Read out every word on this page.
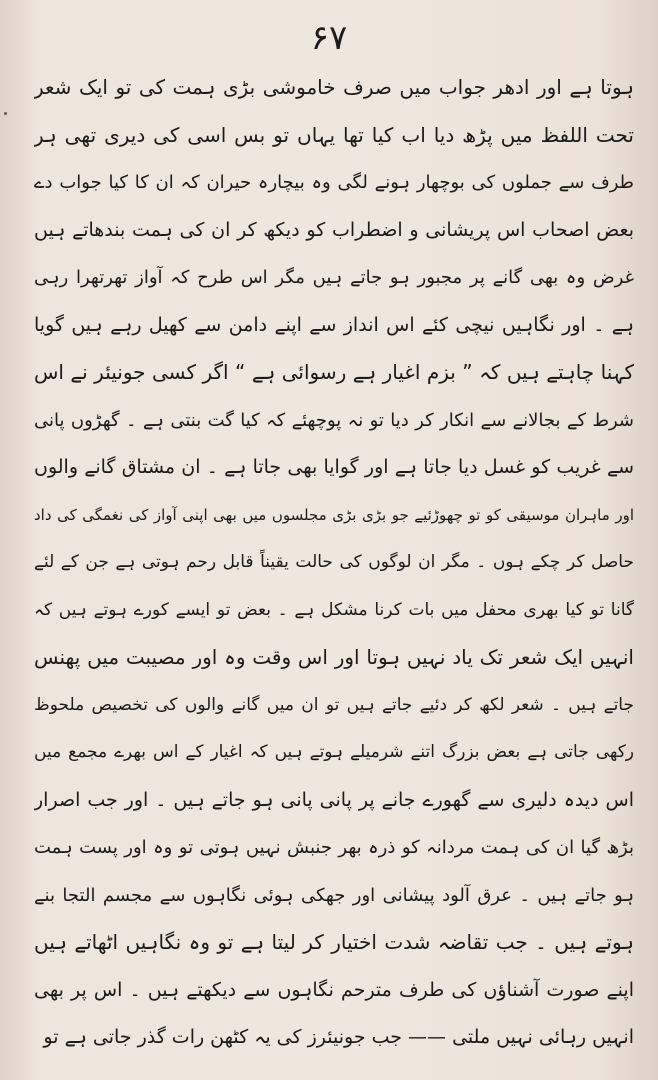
۶۷
ہوتا ہے اور ادھر جواب میں صرف خاموشی بڑی ہمت کی تو ایک شعر
تحت اللفظ میں پڑھ دیا اب کیا تھا یہاں تو بس اسی کی دیری تھی ہر
طرف سے جملوں کی بوچھار ہونے لگی وہ بیچارہ حیران کہ ان کا کیا جواب دے
بعض اصحاب اس پریشانی و اضطراب کو دیکھ کر ان کی ہمت بندھاتے ہیں
غرض وہ بھی گانے پر مجبور ہو جاتے ہیں مگر اس طرح کہ آواز تھرتھرا رہی
ہے ۔ اور نگاہیں نیچی کئے اس انداز سے اپنے دامن سے کھیل رہے ہیں گویا
کہنا چاہتے ہیں کہ ” بزم اغیار ہے رسوائی ہے “ اگر کسی جونیئر نے اس
شرط کے بجالانے سے انکار کر دیا تو نہ پوچھئے کہ کیا گت بنتی ہے ۔ گھڑوں پانی
سے غریب کو غسل دیا جاتا ہے اور گوایا بھی جاتا ہے ۔ ان مشتاق گانے والوں
اور ماہران موسیقی کو تو چھوڑئیے جو بڑی بڑی مجلسوں میں بھی اپنی آواز کی نغمگی کی داد
حاصل کر چکے ہوں ۔ مگر ان لوگوں کی حالت یقیناً قابل رحم ہوتی ہے جن کے لئے
گانا تو کیا بھری محفل میں بات کرنا مشکل ہے ۔ بعض تو ایسے کورے ہوتے ہیں کہ
انہیں ایک شعر تک یاد نہیں ہوتا اور اس وقت وہ اور مصیبت میں پھنس
جاتے ہیں ۔ شعر لکھ کر دئیے جاتے ہیں تو ان میں گانے والوں کی تخصیص ملحوظ
رکھی جاتی ہے بعض بزرگ اتنے شرمیلے ہوتے ہیں کہ اغیار کے اس بھرے مجمع میں
اس دیدہ دلیری سے گھورے جانے پر پانی پانی ہو جاتے ہیں ۔ اور جب اصرار
بڑھ گیا ان کی ہمت مردانہ کو ذرہ بھر جنبش نہیں ہوتی تو وہ اور پست ہمت
ہو جاتے ہیں ۔ عرق آلود پیشانی اور جھکی ہوئی نگاہوں سے مجسم التجا بنے
ہوتے ہیں ۔ جب تقاضہ شدت اختیار کر لیتا ہے تو وہ نگاہیں اٹھاتے ہیں
اپنے صورت آشناؤں کی طرف مترحم نگاہوں سے دیکھتے ہیں ۔ اس پر بھی
انہیں رہائی نہیں ملتی —— جب جونیئرز کی یہ کٹھن رات گذر جاتی ہے تو
